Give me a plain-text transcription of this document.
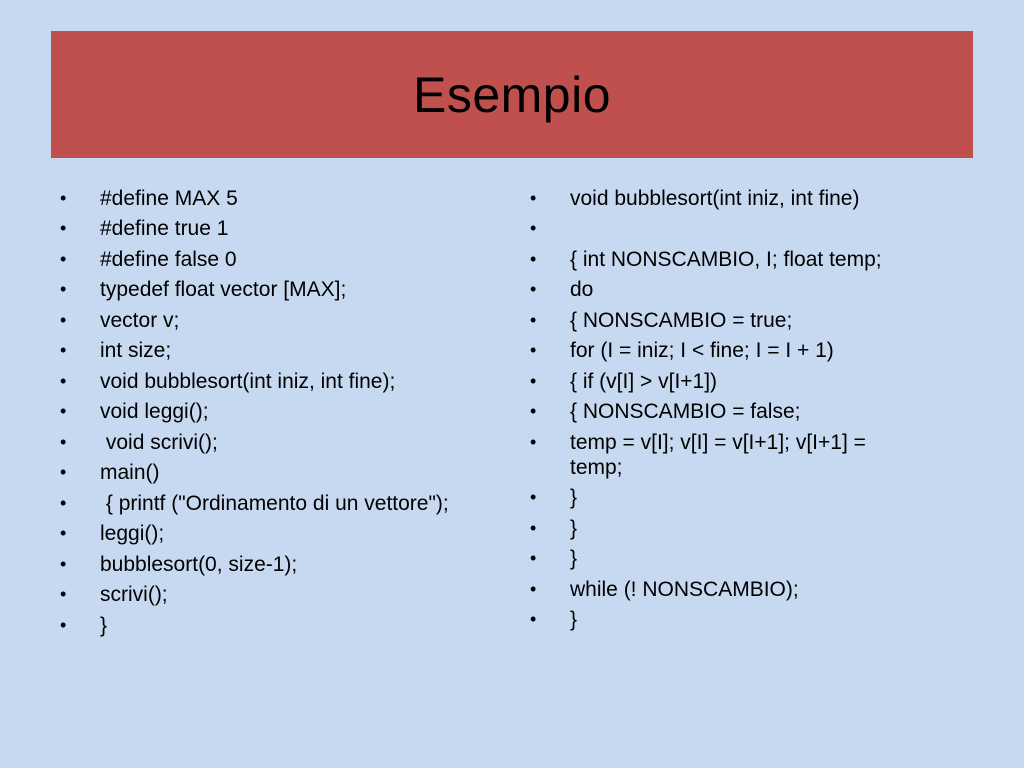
Esempio
• #define MAX 5
• #define true 1
• #define false 0
• typedef float vector [MAX];
• vector v;
• int size;
• void bubblesort(int iniz, int fine);
• void leggi();
•  void scrivi();
• main()
•  { printf ("Ordinamento di un vettore");
• leggi();
• bubblesort(0, size-1);
• scrivi();
• }
• void bubblesort(int iniz, int fine)
•
• { int NONSCAMBIO, I; float temp;
• do
• { NONSCAMBIO = true;
• for (I = iniz; I < fine; I = I + 1)
• { if (v[I] > v[I+1])
• { NONSCAMBIO = false;
• temp = v[I]; v[I] = v[I+1]; v[I+1] = temp;
• }
• }
• }
• while (! NONSCAMBIO);
• }
